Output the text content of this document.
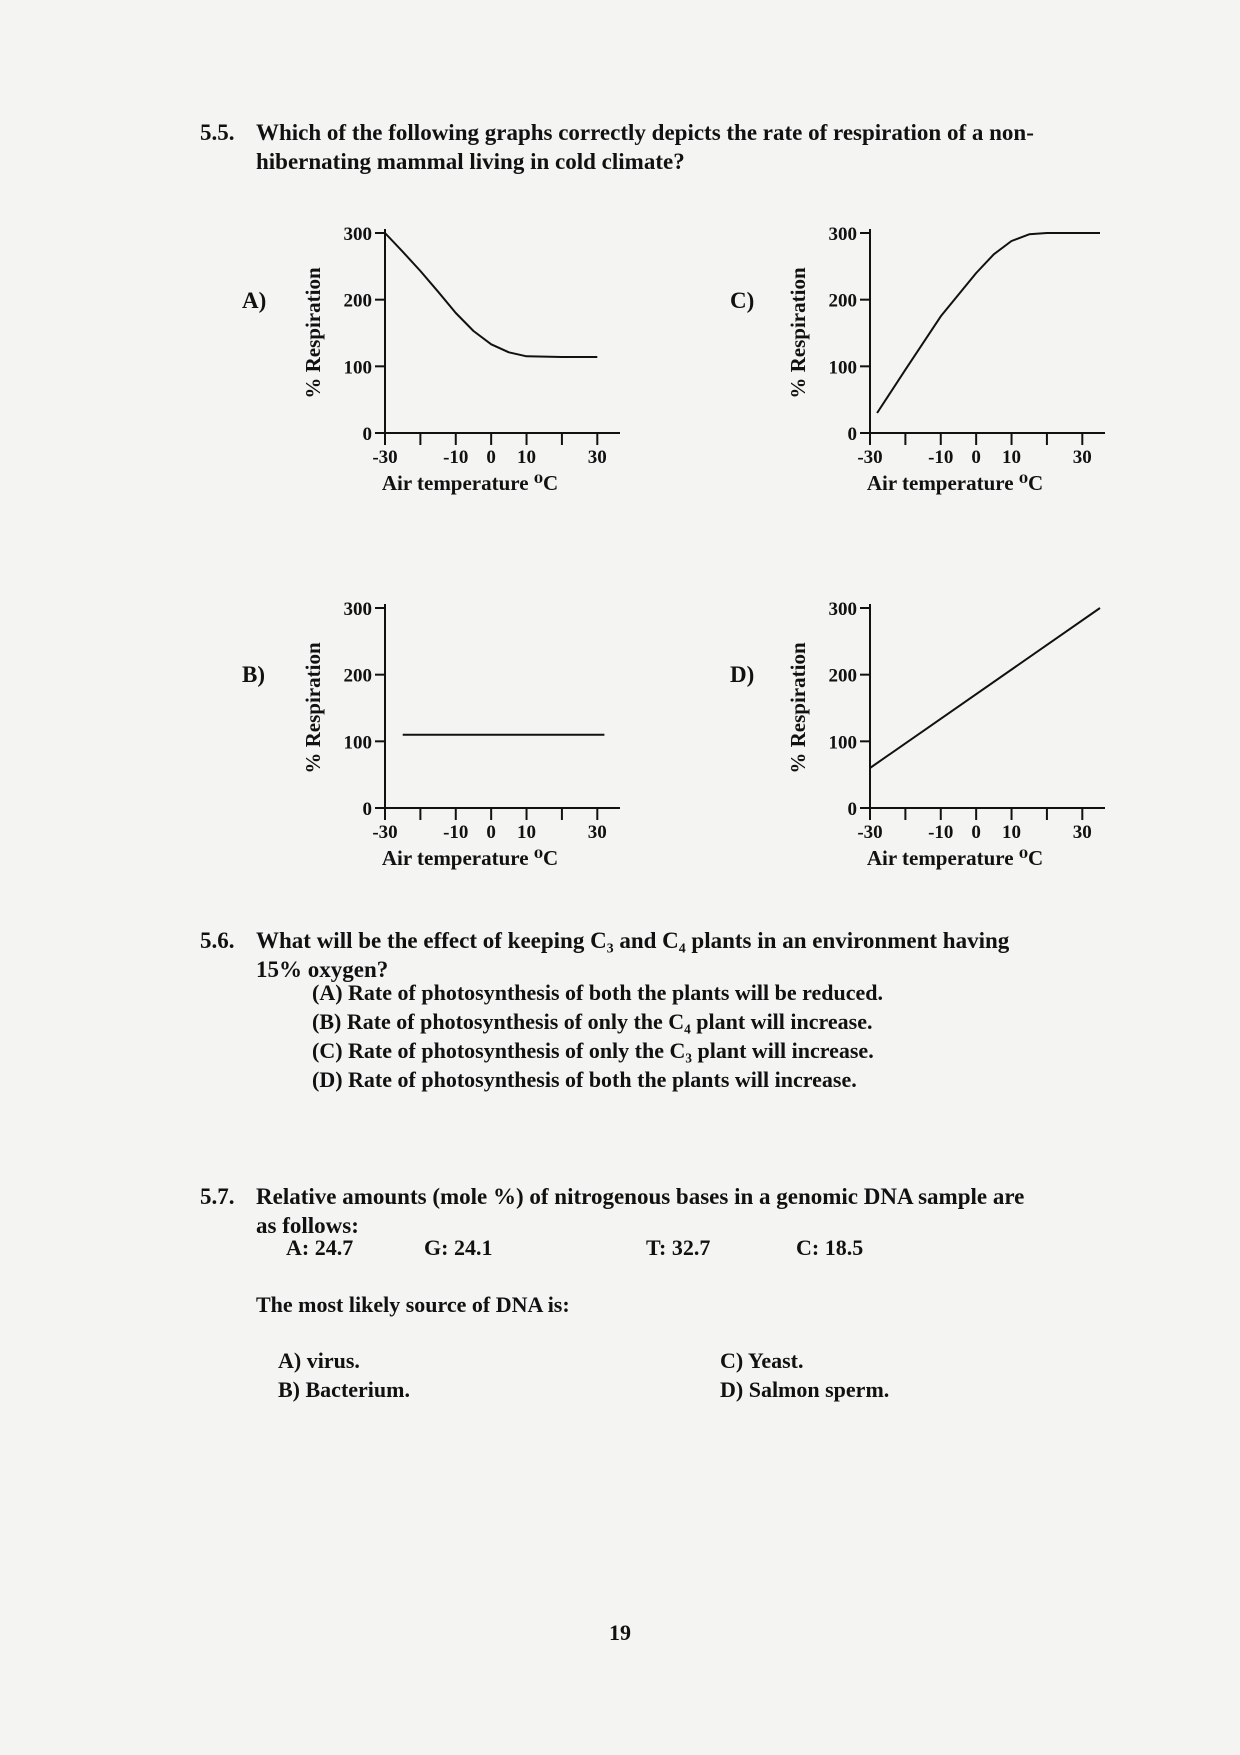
5.5. Which of the following graphs correctly depicts the rate of respiration of a non-
hibernating mammal living in cold climate?
A)
0
100
200
300
-30 -10 0 10	30
Air temperature ⁰C
% Respiration	C)
0
100
200
300
-30 -10 0 10	30
Air temperature ⁰C
% Respiration
B)
0
100
200
300
-30 -10 0 10	30
Air temperature ⁰C
% Respiration	D)
0
100
200
300
-30 -10 0 10	30
Air temperature ⁰C
% Respiration
5.6. What will be the effect of keeping C₃ and C₄ plants in an environment having
15% oxygen?
(A) Rate of photosynthesis of both the plants will be reduced.
(B) Rate of photosynthesis of only the C₄ plant will increase.
(C) Rate of photosynthesis of only the C₃ plant will increase.
(D) Rate of photosynthesis of both the plants will increase.
5.7. Relative amounts (mole %) of nitrogenous bases in a genomic DNA sample are
as follows:
A: 24.7	G: 24.1	T: 32.7	C: 18.5
The most likely source of DNA is:
A) virus.
B) Bacterium.
C) Yeast.
D) Salmon sperm.
19
